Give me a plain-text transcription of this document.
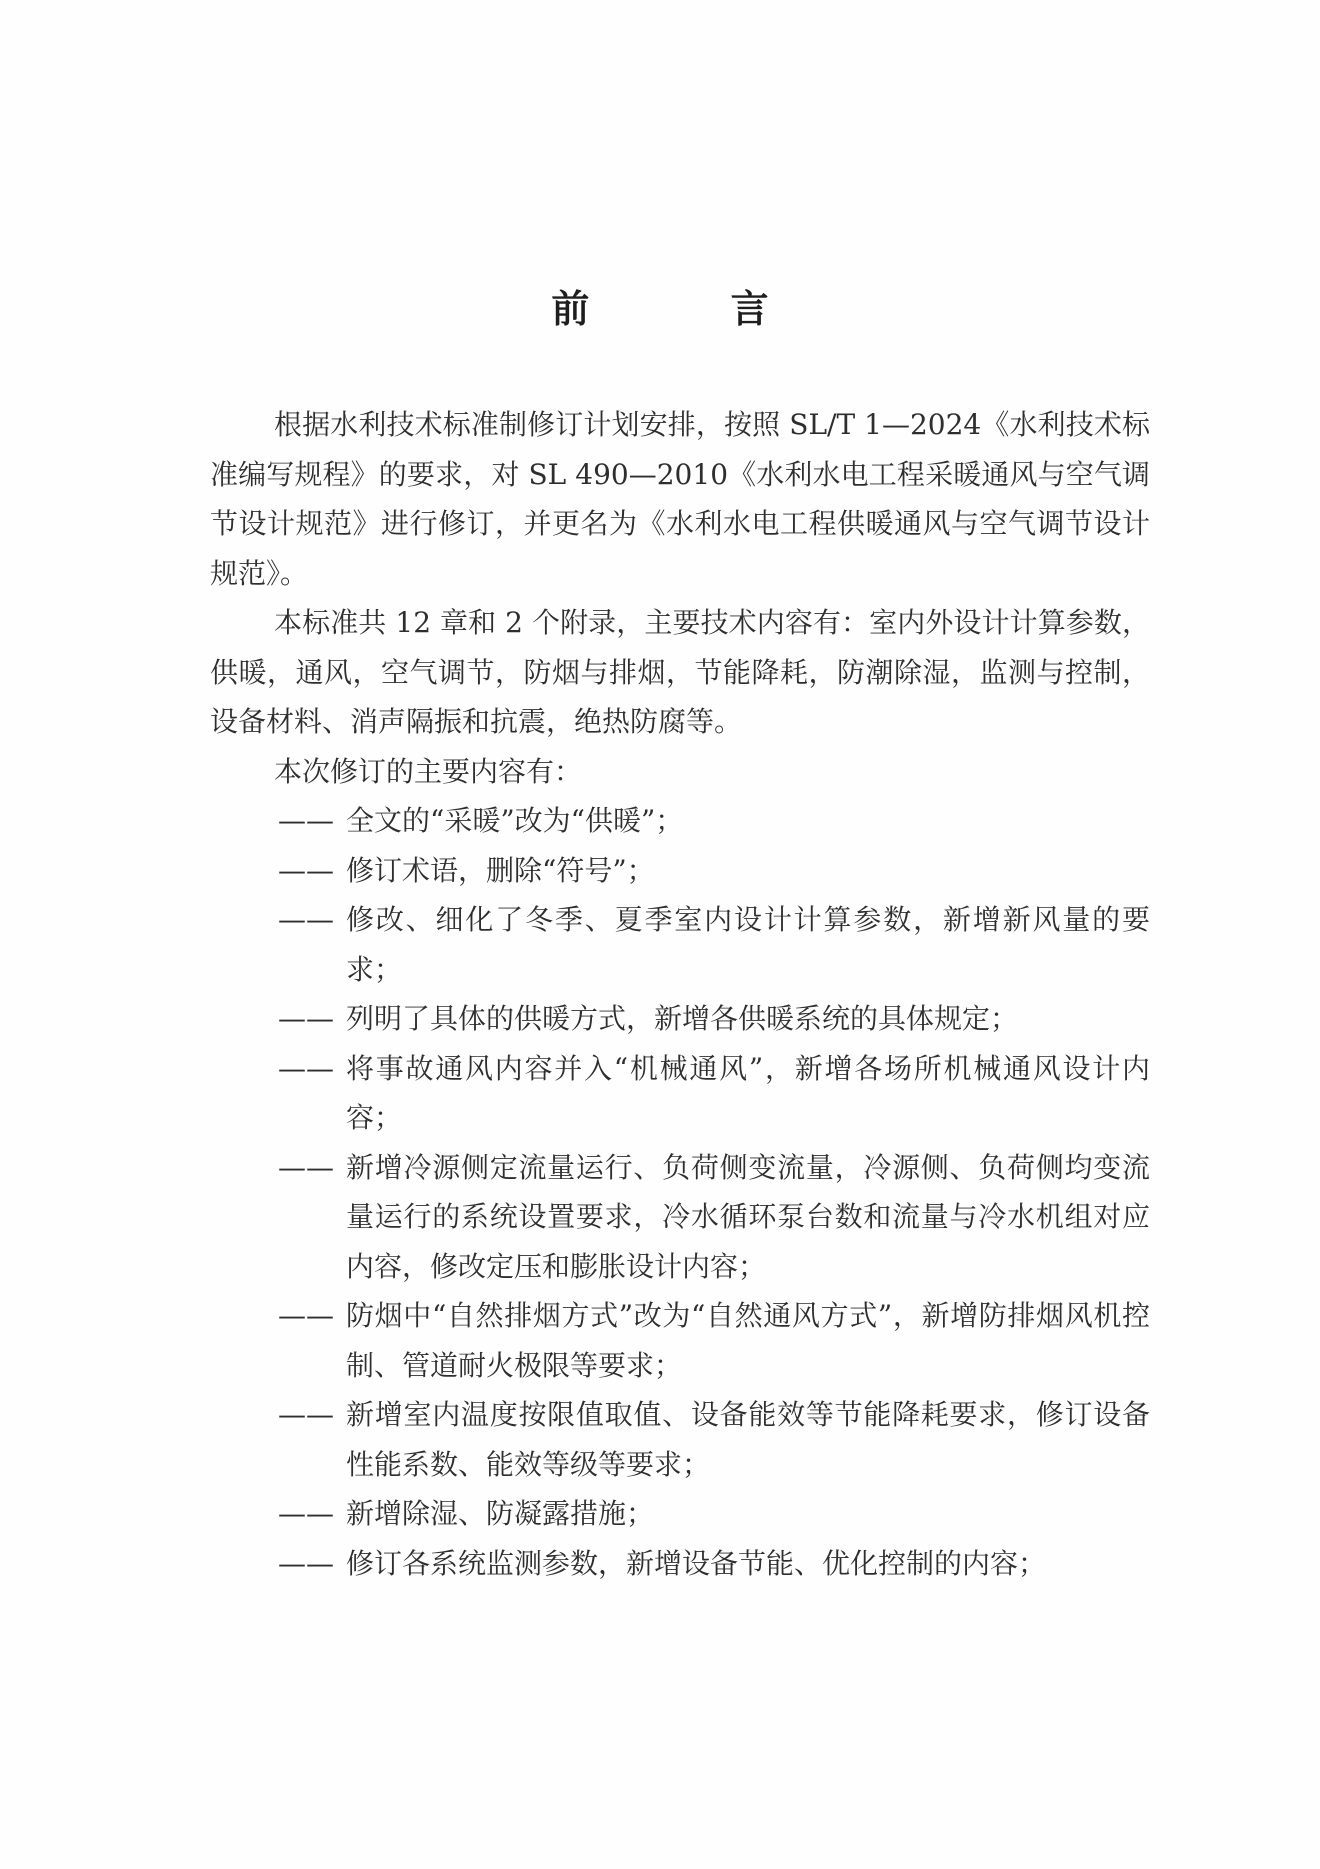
前 言

根据水利技术标准制修订计划安排，按照 SL/T 1—2024《水利技术标准编写规程》的要求，对 SL 490—2010《水利水电工程采暖通风与空气调节设计规范》进行修订，并更名为《水利水电工程供暖通风与空气调节设计规范》。

本标准共 12 章和 2 个附录，主要技术内容有：室内外设计计算参数，供暖，通风，空气调节，防烟与排烟，节能降耗，防潮除湿，监测与控制，设备材料、消声隔振和抗震，绝热防腐等。

本次修订的主要内容有：

—— 全文的“采暖”改为“供暖”；

—— 修订术语，删除“符号”；

—— 修改、细化了冬季、夏季室内设计计算参数，新增新风量的要求；

—— 列明了具体的供暖方式，新增各供暖系统的具体规定；

—— 将事故通风内容并入“机械通风”，新增各场所机械通风设计内容；

—— 新增冷源侧定流量运行、负荷侧变流量，冷源侧、负荷侧均变流量运行的系统设置要求，冷水循环泵台数和流量与冷水机组对应内容，修改定压和膨胀设计内容；

—— 防烟中“自然排烟方式”改为“自然通风方式”，新增防排烟风机控制、管道耐火极限等要求；

—— 新增室内温度按限值取值、设备能效等节能降耗要求，修订设备性能系数、能效等级等要求；

—— 新增除湿、防凝露措施；

—— 修订各系统监测参数，新增设备节能、优化控制的内容；
